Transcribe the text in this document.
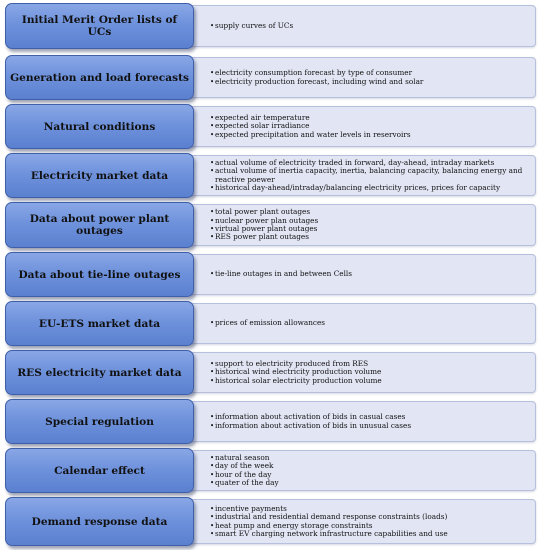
• supply curves of UCs
Initial Merit Order lists of UCs
• electricity consumption forecast by type of consumer
• electricity production forecast, including wind and solar
Generation and load forecasts
• expected air temperature
• expected solar irradiance
• expected precipitation and water levels in reservoirs
Natural conditions
• actual volume of electricity traded in forward, day-ahead, intraday markets
• actual volume of inertia capacity, inertia, balancing capacity, balancing energy and reactive poewer
• historical day-ahead/intraday/balancing electricity prices, prices for capacity
Electricity market data
• total power plant outages
• nuclear power plan outages
• virtual power plant outages
• RES power plant outages
Data about power plant outages
• tie-line outages in and between Cells
Data about tie-line outages
• prices of emission allowances
EU-ETS market data
• support to electricity produced from RES
• historical wind electricity production volume
• historical solar electricity production volume
RES electricity market data
• information about activation of bids in casual cases
• information about activation of bids in unusual cases
Special regulation
• natural season
• day of the week
• hour of the day
• quater of the day
Calendar effect
• incentive payments
• industrial and residential demand response constraints (loads)
• heat pump and energy storage constraints
• smart EV charging network infrastructure capabilities and use
Demand response data
